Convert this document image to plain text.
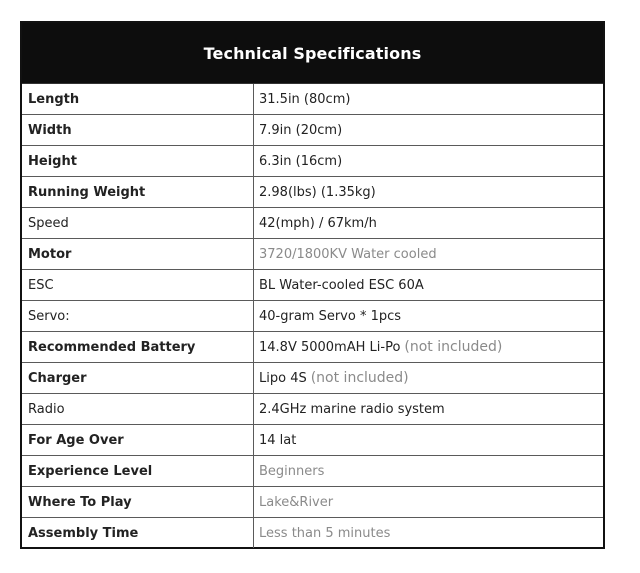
Technical Specifications
Length	31.5in (80cm)
Width	7.9in (20cm)
Height	6.3in (16cm)
Running Weight	2.98(lbs) (1.35kg)
Speed	42(mph) / 67km/h
Motor	3720/1800KV Water cooled
ESC	BL Water-cooled ESC 60A
Servo:	40-gram Servo * 1pcs
Recommended Battery	14.8V 5000mAH Li-Po (not included)
Charger	Lipo 4S (not included)
Radio	2.4GHz marine radio system
For Age Over	14 lat
Experience Level	Beginners
Where To Play	Lake&River
Assembly Time	Less than 5 minutes
